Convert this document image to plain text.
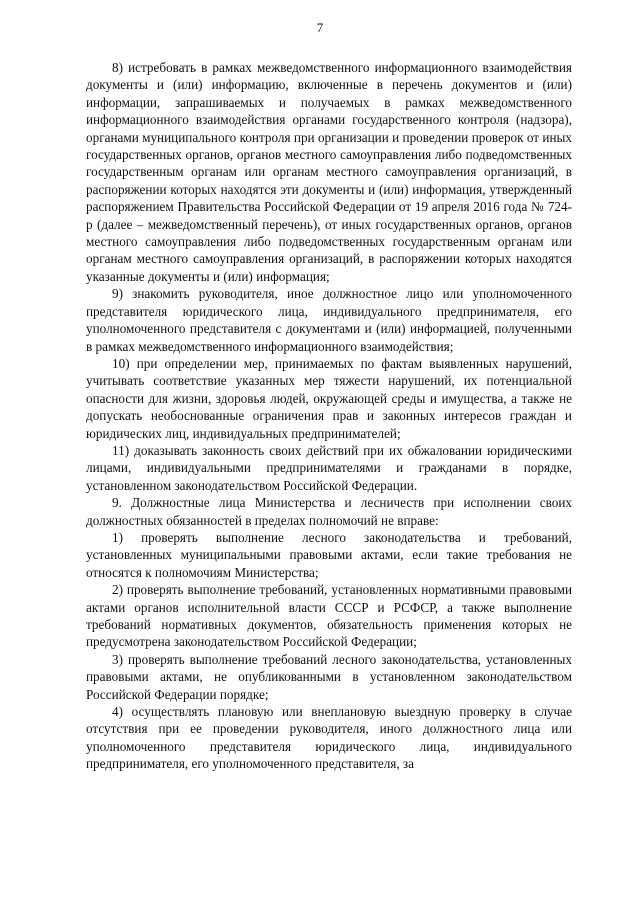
7

8) истребовать в рамках межведомственного информационного взаимодействия документы и (или) информацию, включенные в перечень документов и (или) информации, запрашиваемых и получаемых в рамках межведомственного информационного взаимодействия органами государственного контроля (надзора), органами муниципального контроля при организации и проведении проверок от иных государственных органов, органов местного самоуправления либо подведомственных государственным органам или органам местного самоуправления организаций, в распоряжении которых находятся эти документы и (или) информация, утвержденный распоряжением Правительства Российской Федерации от 19 апреля 2016 года № 724-р (далее – межведомственный перечень), от иных государственных органов, органов местного самоуправления либо подведомственных государственным органам или органам местного самоуправления организаций, в распоряжении которых находятся указанные документы и (или) информация;

9) знакомить руководителя, иное должностное лицо или уполномоченного представителя юридического лица, индивидуального предпринимателя, его уполномоченного представителя с документами и (или) информацией, полученными в рамках межведомственного информационного взаимодействия;

10) при определении мер, принимаемых по фактам выявленных нарушений, учитывать соответствие указанных мер тяжести нарушений, их потенциальной опасности для жизни, здоровья людей, окружающей среды и имущества, а также не допускать необоснованные ограничения прав и законных интересов граждан и юридических лиц, индивидуальных предпринимателей;

11) доказывать законность своих действий при их обжаловании юридическими лицами, индивидуальными предпринимателями и гражданами в порядке, установленном законодательством Российской Федерации.

9. Должностные лица Министерства и лесничеств при исполнении своих должностных обязанностей в пределах полномочий не вправе:

1) проверять выполнение лесного законодательства и требований, установленных муниципальными правовыми актами, если такие требования не относятся к полномочиям Министерства;

2) проверять выполнение требований, установленных нормативными правовыми актами органов исполнительной власти СССР и РСФСР, а также выполнение требований нормативных документов, обязательность применения которых не предусмотрена законодательством Российской Федерации;

3) проверять выполнение требований лесного законодательства, установленных правовыми актами, не опубликованными в установленном законодательством Российской Федерации порядке;

4) осуществлять плановую или внеплановую выездную проверку в случае отсутствия при ее проведении руководителя, иного должностного лица или уполномоченного представителя юридического лица, индивидуального предпринимателя, его уполномоченного представителя, за
